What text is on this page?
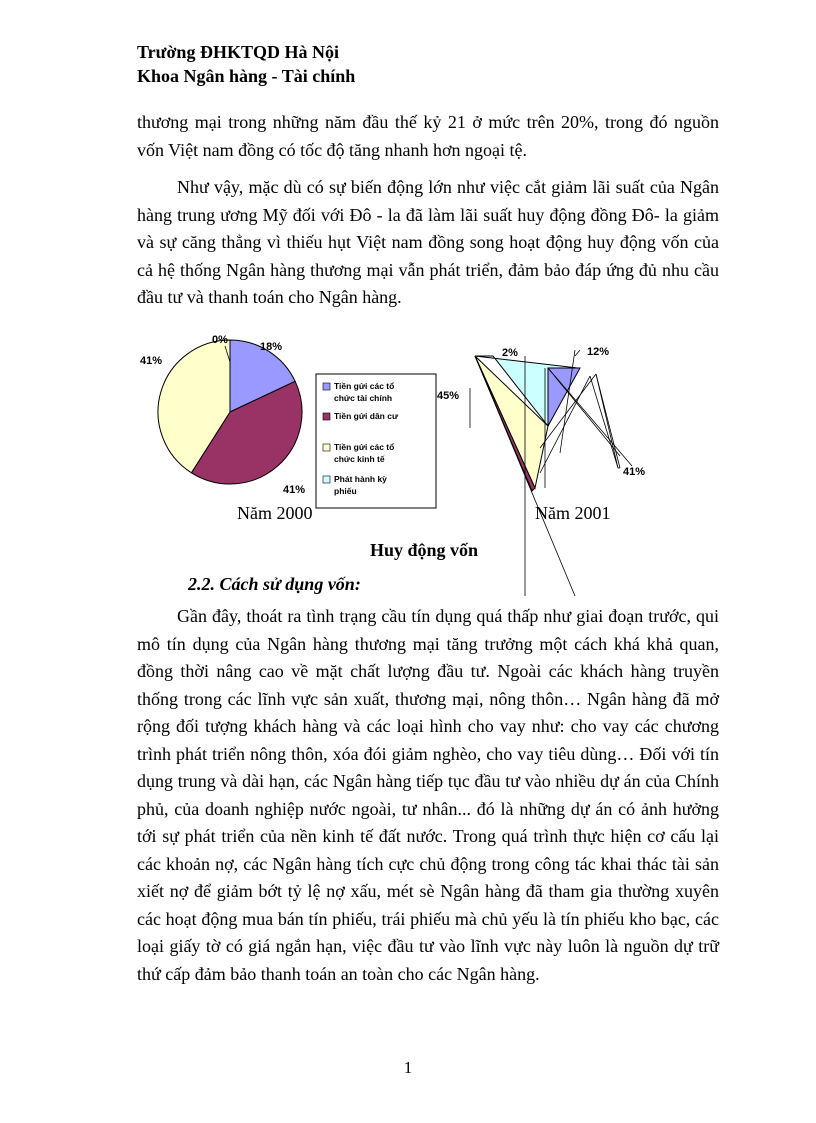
Trường ĐHKTQD Hà Nội
Khoa Ngân hàng - Tài chính

thương mại trong những năm đầu thế kỷ 21 ở mức trên 20%, trong đó nguồn vốn Việt nam đồng có tốc độ tăng nhanh hơn ngoại tệ.

Như vậy, mặc dù có sự biến động lớn như việc cắt giảm lãi suất của Ngân hàng trung ương Mỹ đối với Đô - la đã làm lãi suất huy động đồng Đô- la giảm và sự căng thẳng vì thiếu hụt Việt nam đồng song hoạt động huy động vốn của cả hệ thống Ngân hàng thương mại vẫn phát triển, đảm bảo đáp ứng đủ nhu cầu đầu tư và thanh toán cho Ngân hàng.

18%
41%
41%
0%
Tiền gửi các tổ chức tài chính
Tiền gửi dân cư
Tiền gửi các tổ chức kinh tế
Phát hành kỳ phiếu
12%
2%
45%
41%
Năm 2000	Năm 2001
Huy động vốn
2.2. Cách sử dụng vốn:

Gần đây, thoát ra tình trạng cầu tín dụng quá thấp như giai đoạn trước, qui mô tín dụng của Ngân hàng thương mại tăng trưởng một cách khá khả quan, đồng thời nâng cao về mặt chất lượng đầu tư. Ngoài các khách hàng truyền thống trong các lĩnh vực sản xuất, thương mại, nông thôn… Ngân hàng đã mở rộng đối tượng khách hàng và các loại hình cho vay như: cho vay các chương trình phát triển nông thôn, xóa đói giảm nghèo, cho vay tiêu dùng… Đối với tín dụng trung và dài hạn, các Ngân hàng tiếp tục đầu tư vào nhiều dự án của Chính phủ, của doanh nghiệp nước ngoài, tư nhân... đó là những dự án có ảnh hưởng tới sự phát triển của nền kinh tế đất nước. Trong quá trình thực hiện cơ cấu lại các khoản nợ, các Ngân hàng tích cực chủ động trong công tác khai thác tài sản xiết nợ để giảm bớt tỷ lệ nợ xấu, mét sè Ngân hàng đã tham gia thường xuyên các hoạt động mua bán tín phiếu, trái phiếu mà chủ yếu là tín phiếu kho bạc, các loại giấy tờ có giá ngắn hạn, việc đầu tư vào lĩnh vực này luôn là nguồn dự trữ thứ cấp đảm bảo thanh toán an toàn cho các Ngân hàng.

1
